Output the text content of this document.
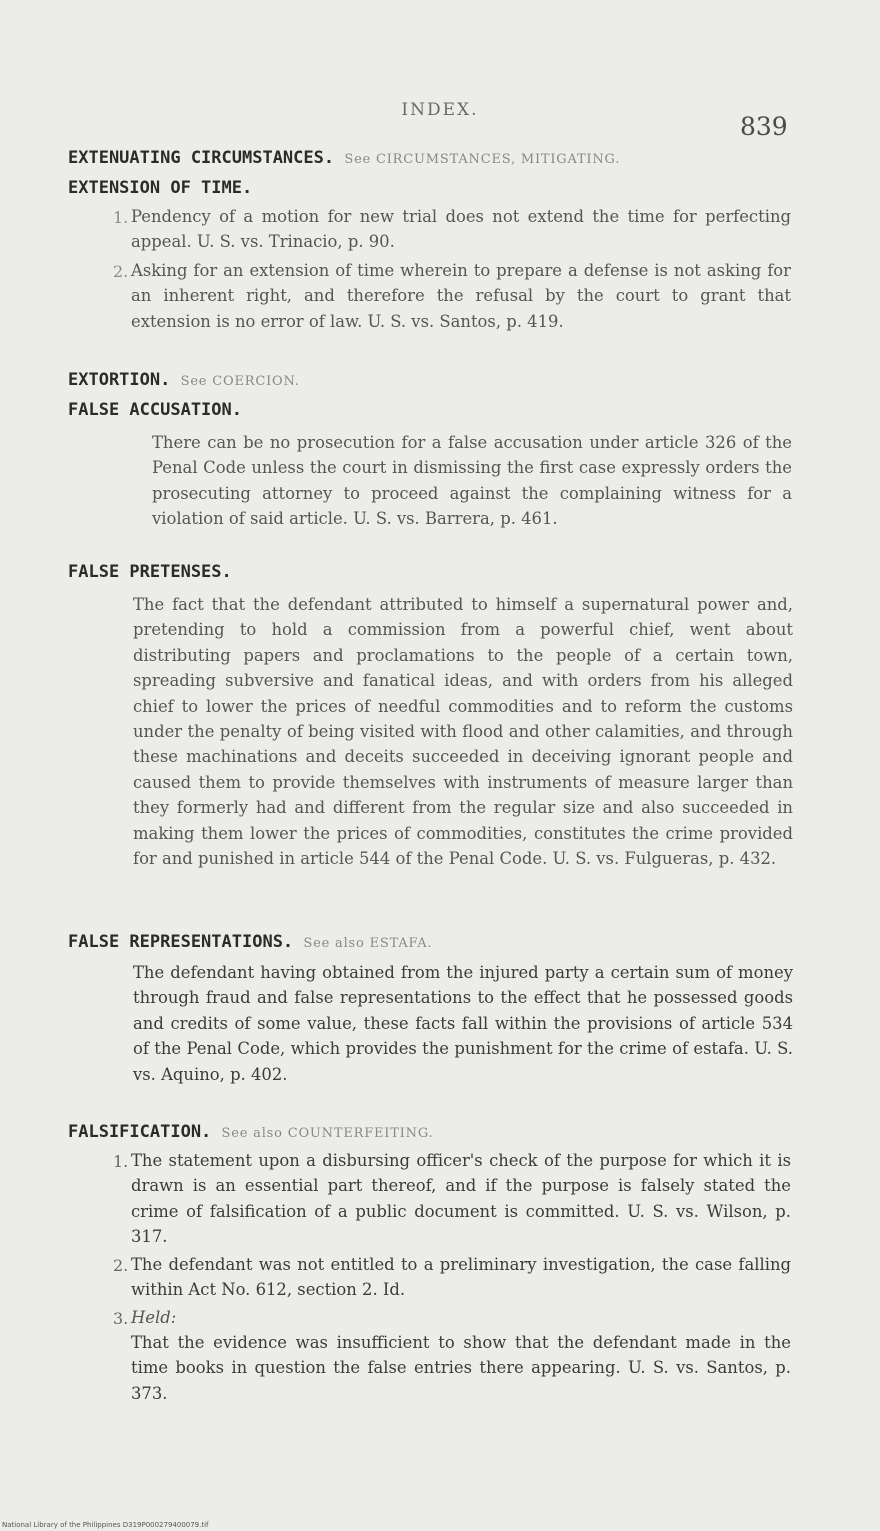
INDEX.
839
EXTENUATING CIRCUMSTANCES. See CIRCUMSTANCES, MITIGATING.
EXTENSION OF TIME.
1. Pendency of a motion for new trial does not extend the time for perfecting appeal. U. S. vs. Trinacio, p. 90.
2. Asking for an extension of time wherein to prepare a defense is not asking for an inherent right, and therefore the refusal by the court to grant that extension is no error of law. U. S. vs. Santos, p. 419.
EXTORTION. See COERCION.
FALSE ACCUSATION.
There can be no prosecution for a false accusation under article 326 of the Penal Code unless the court in dismissing the first case expressly orders the prosecuting attorney to proceed against the complaining witness for a violation of said article. U. S. vs. Barrera, p. 461.
FALSE PRETENSES.
The fact that the defendant attributed to himself a supernatural power and, pretending to hold a commission from a powerful chief, went about distributing papers and proclamations to the people of a certain town, spreading subversive and fanatical ideas, and with orders from his alleged chief to lower the prices of needful commodities and to reform the customs under the penalty of being visited with flood and other calamities, and through these machinations and deceits succeeded in deceiving ignorant people and caused them to provide themselves with instruments of measure larger than they formerly had and different from the regular size and also succeeded in making them lower the prices of commodities, constitutes the crime provided for and punished in article 544 of the Penal Code. U. S. vs. Fulgueras, p. 432.
FALSE REPRESENTATIONS. See also ESTAFA.
The defendant having obtained from the injured party a certain sum of money through fraud and false representations to the effect that he possessed goods and credits of some value, these facts fall within the provisions of article 534 of the Penal Code, which provides the punishment for the crime of estafa. U. S. vs. Aquino, p. 402.
FALSIFICATION. See also COUNTERFEITING.
1. The statement upon a disbursing officer's check of the purpose for which it is drawn is an essential part thereof, and if the purpose is falsely stated the crime of falsification of a public document is committed. U. S. vs. Wilson, p. 317.
2. The defendant was not entitled to a preliminary investigation, the case falling within Act No. 612, section 2. Id.
3. Held:
That the evidence was insufficient to show that the defendant made in the time books in question the false entries there appearing. U. S. vs. Santos, p. 373.
National Library of the Philippines D319P000279400079.tif
